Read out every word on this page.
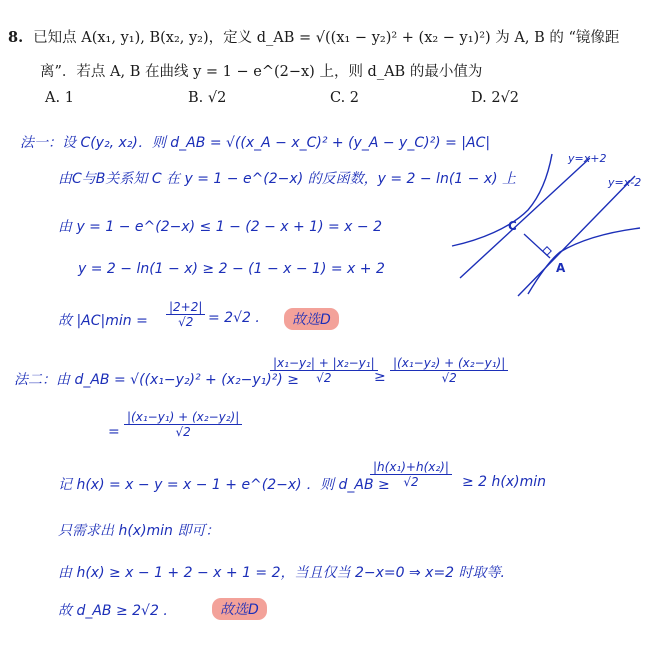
8. 已知点 A(x₁, y₁), B(x₂, y₂)，定义 d_AB = √((x₁ − y₂)² + (x₂ − y₁)²) 为 A, B 的 “镜像距
离”．若点 A, B 在曲线 y = 1 − e^(2−x) 上，则 d_AB 的最小值为
A. 1	B. √2	C. 2	D. 2√2
法一：设 C(y₂, x₂)．则 d_AB = √((x_A − x_C)² + (y_A − y_C)²) = |AC|
由C与B关系知 C 在 y = 1 − e^(2−x) 的反函数，y = 2 − ln(1 − x) 上
由 y = 1 − e^(2−x) ≤ 1 − (2 − x + 1) = x − 2
y = 2 − ln(1 − x) ≥ 2 − (1 − x − 1) = x + 2
故 $|AC|\min = \frac{|2+2|}{√2} = 2√2$ .	故选D
y=x+2
y=x-2
C
A
法二：由 d_AB = √((x₁−y₂)² + (x₂−y₁)²) ≥
$\frac{\text{|x₁−y₂| + |x₂−y₁|}}{√2}$
≥ $\frac{\text{|(x₁−y₂) + (x₂−y₁)|}}{√2}$
= $\frac{\text{|(x₁−y₁) + (x₂−y₂)|}}{√2}$
记 h(x) = x − y = x − 1 + e^(2−x) ．则 d_AB ≥
$\frac{\text{|h(x₁)+h(x₂)|}}{√2} \ge 2$ h(x)min
只需求出 h(x)min 即可：
由 h(x) ≥ x − 1 + 2 − x + 1 = 2，当且仅当 2−x=0 ⇒ x=2 时取等.
故 d_AB ≥ 2√2 .	故选D
